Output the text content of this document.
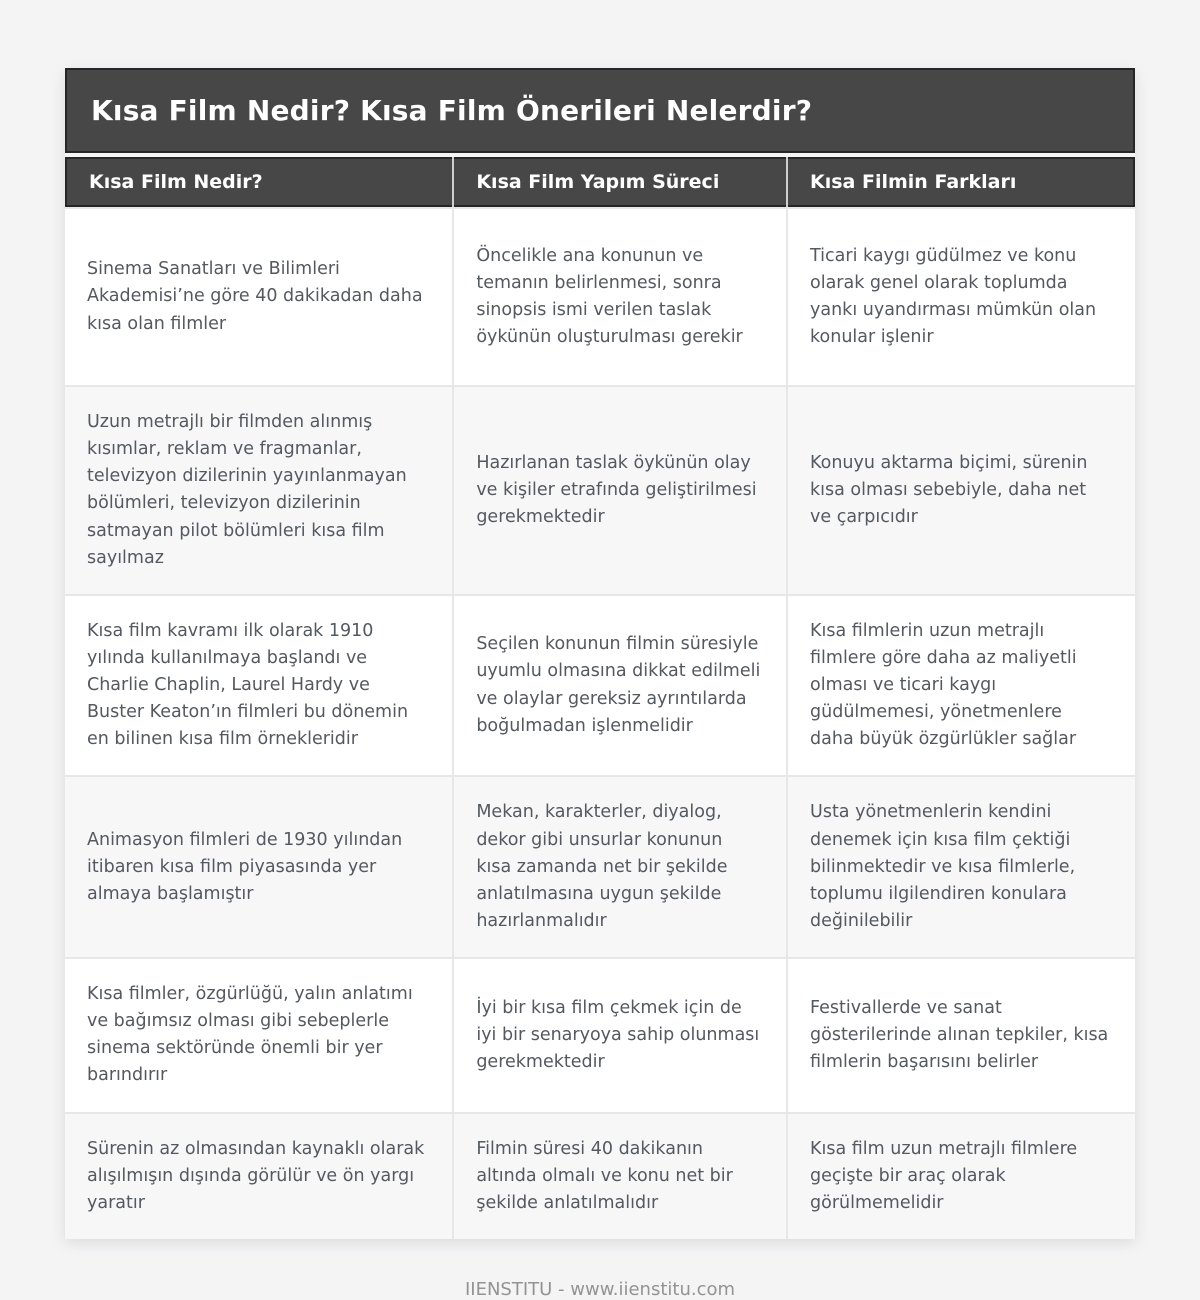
Kısa Film Nedir? Kısa Film Önerileri Nelerdir?
Kısa Film Nedir?	Kısa Film Yapım Süreci	Kısa Filmin Farkları
Sinema Sanatları ve Bilimleri Akademisi’ne göre 40 dakikadan daha kısa olan filmler
Öncelikle ana konunun ve temanın belirlenmesi, sonra sinopsis ismi verilen taslak öykünün oluşturulması gerekir
Ticari kaygı güdülmez ve konu olarak genel olarak toplumda yankı uyandırması mümkün olan konular işlenir
Uzun metrajlı bir filmden alınmış kısımlar, reklam ve fragmanlar, televizyon dizilerinin yayınlanmayan bölümleri, televizyon dizilerinin satmayan pilot bölümleri kısa film sayılmaz
Hazırlanan taslak öykünün olay ve kişiler etrafında geliştirilmesi gerekmektedir
Konuyu aktarma biçimi, sürenin kısa olması sebebiyle, daha net ve çarpıcıdır
Kısa film kavramı ilk olarak 1910 yılında kullanılmaya başlandı ve Charlie Chaplin, Laurel Hardy ve Buster Keaton’ın filmleri bu dönemin en bilinen kısa film örnekleridir
Seçilen konunun filmin süresiyle uyumlu olmasına dikkat edilmeli ve olaylar gereksiz ayrıntılarda boğulmadan işlenmelidir
Kısa filmlerin uzun metrajlı filmlere göre daha az maliyetli olması ve ticari kaygı güdülmemesi, yönetmenlere daha büyük özgürlükler sağlar
Animasyon filmleri de 1930 yılından itibaren kısa film piyasasında yer almaya başlamıştır
Mekan, karakterler, diyalog, dekor gibi unsurlar konunun kısa zamanda net bir şekilde anlatılmasına uygun şekilde hazırlanmalıdır
Usta yönetmenlerin kendini denemek için kısa film çektiği bilinmektedir ve kısa filmlerle, toplumu ilgilendiren konulara değinilebilir
Kısa filmler, özgürlüğü, yalın anlatımı ve bağımsız olması gibi sebeplerle sinema sektöründe önemli bir yer barındırır
İyi bir kısa film çekmek için de iyi bir senaryoya sahip olunması gerekmektedir
Festivallerde ve sanat gösterilerinde alınan tepkiler, kısa filmlerin başarısını belirler
Sürenin az olmasından kaynaklı olarak alışılmışın dışında görülür ve ön yargı yaratır
Filmin süresi 40 dakikanın altında olmalı ve konu net bir şekilde anlatılmalıdır
Kısa film uzun metrajlı filmlere geçişte bir araç olarak görülmemelidir
IIENSTITU - www.iienstitu.com
